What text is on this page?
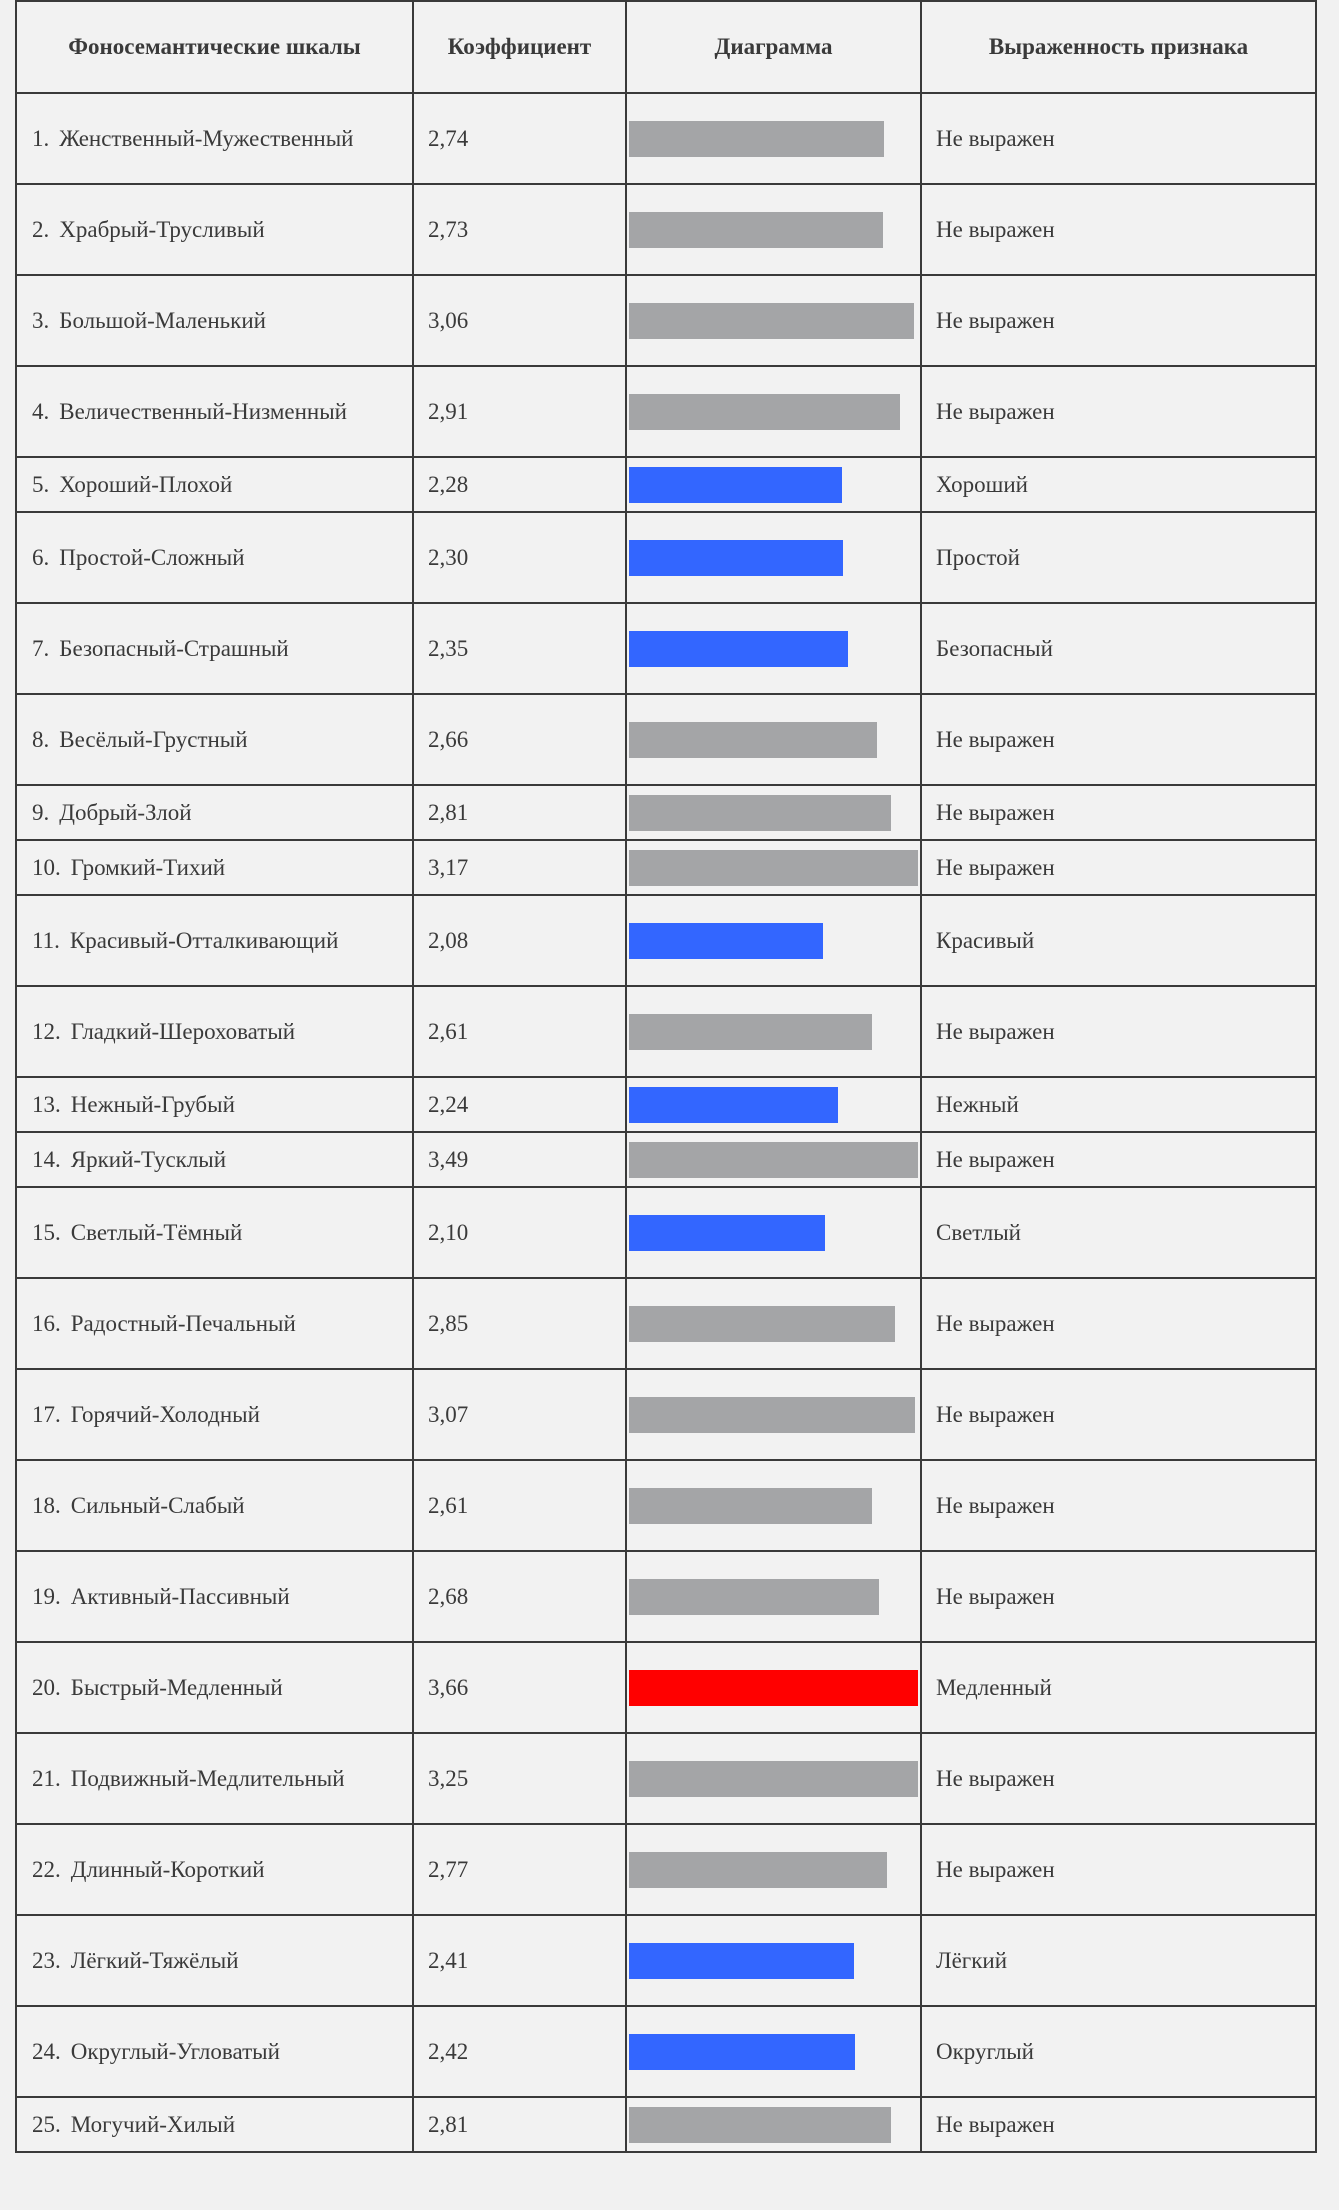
Фоносемантические шкалы	Коэффициент	Диаграмма	Выраженность признака
1. Женственный-Мужественный	2,74		Не выражен
2. Храбрый-Трусливый	2,73		Не выражен
3. Большой-Маленький	3,06		Не выражен
4. Величественный-Низменный	2,91		Не выражен
5. Хороший-Плохой	2,28		Хороший
6. Простой-Сложный	2,30		Простой
7. Безопасный-Страшный	2,35		Безопасный
8. Весёлый-Грустный	2,66		Не выражен
9. Добрый-Злой	2,81		Не выражен
10. Громкий-Тихий	3,17		Не выражен
11. Красивый-Отталкивающий	2,08		Красивый
12. Гладкий-Шероховатый	2,61		Не выражен
13. Нежный-Грубый	2,24		Нежный
14. Яркий-Тусклый	3,49		Не выражен
15. Светлый-Тёмный	2,10		Светлый
16. Радостный-Печальный	2,85		Не выражен
17. Горячий-Холодный	3,07		Не выражен
18. Сильный-Слабый	2,61		Не выражен
19. Активный-Пассивный	2,68		Не выражен
20. Быстрый-Медленный	3,66		Медленный
21. Подвижный-Медлительный	3,25		Не выражен
22. Длинный-Короткий	2,77		Не выражен
23. Лёгкий-Тяжёлый	2,41		Лёгкий
24. Округлый-Угловатый	2,42		Округлый
25. Могучий-Хилый	2,81		Не выражен
